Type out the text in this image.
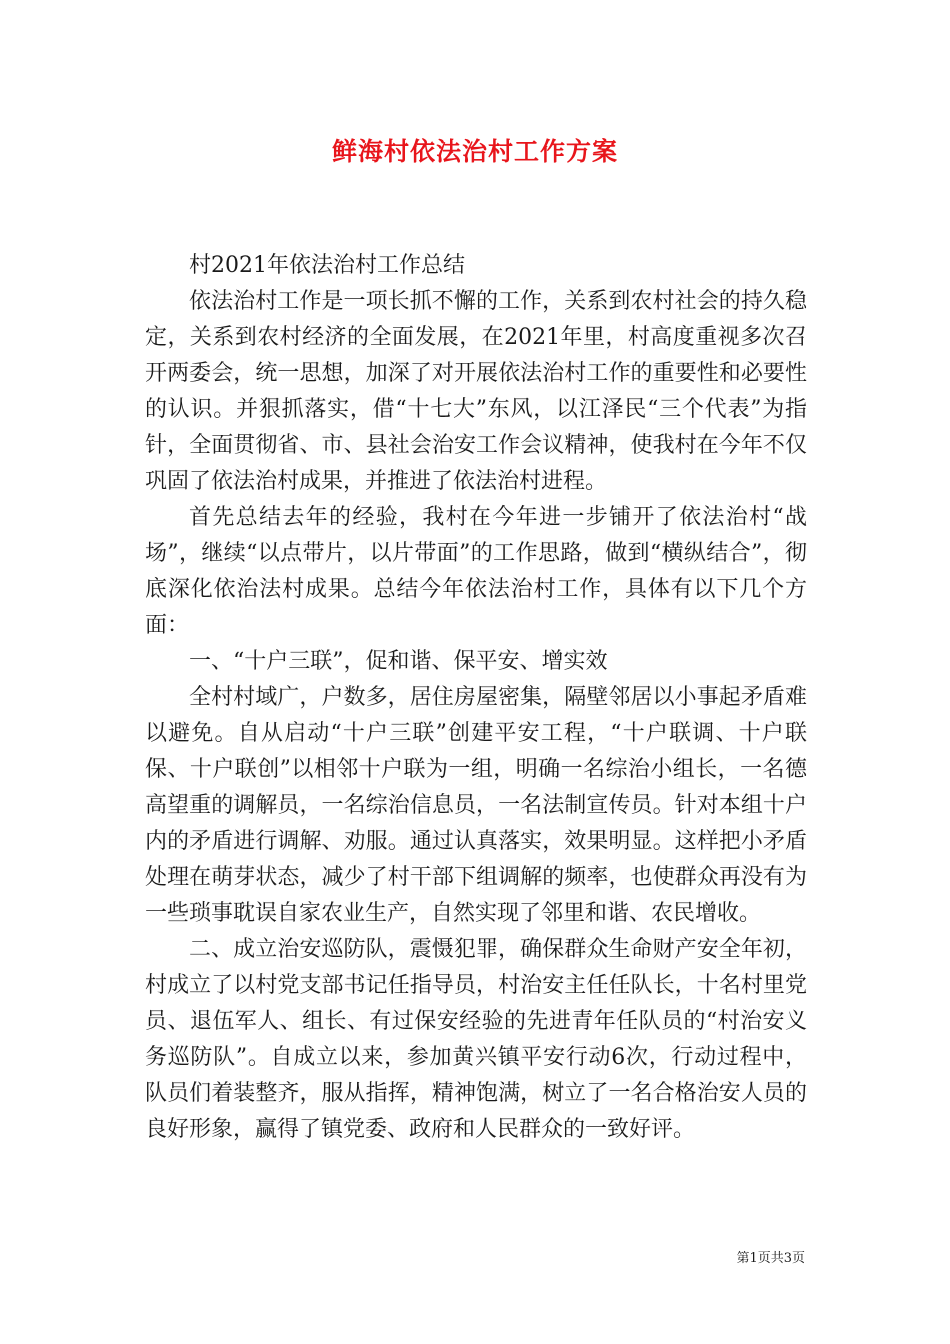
鲜海村依法治村工作方案

村2021年依法治村工作总结

依法治村工作是一项长抓不懈的工作，关系到农村社会的持久稳定，关系到农村经济的全面发展，在2021年里，村高度重视多次召开两委会，统一思想，加深了对开展依法治村工作的重要性和必要性的认识。并狠抓落实，借“十七大”东风，以江泽民“三个代表”为指针，全面贯彻省、市、县社会治安工作会议精神，使我村在今年不仅巩固了依法治村成果，并推进了依法治村进程。

首先总结去年的经验，我村在今年进一步铺开了依法治村“战场”，继续“以点带片，以片带面”的工作思路，做到“横纵结合”，彻底深化依治法村成果。总结今年依法治村工作，具体有以下几个方面：

一、“十户三联”，促和谐、保平安、增实效

全村村域广，户数多，居住房屋密集，隔壁邻居以小事起矛盾难以避免。自从启动“十户三联”创建平安工程，“十户联调、十户联保、十户联创”以相邻十户联为一组，明确一名综治小组长，一名德高望重的调解员，一名综治信息员，一名法制宣传员。针对本组十户内的矛盾进行调解、劝服。通过认真落实，效果明显。这样把小矛盾处理在萌芽状态，减少了村干部下组调解的频率，也使群众再没有为一些琐事耽误自家农业生产，自然实现了邻里和谐、农民增收。

二、成立治安巡防队，震慑犯罪，确保群众生命财产安全年初，村成立了以村党支部书记任指导员，村治安主任任队长，十名村里党员、退伍军人、组长、有过保安经验的先进青年任队员的“村治安义务巡防队”。自成立以来，参加黄兴镇平安行动6次，行动过程中，队员们着装整齐，服从指挥，精神饱满，树立了一名合格治安人员的良好形象，赢得了镇党委、政府和人民群众的一致好评。

第1页共3页
